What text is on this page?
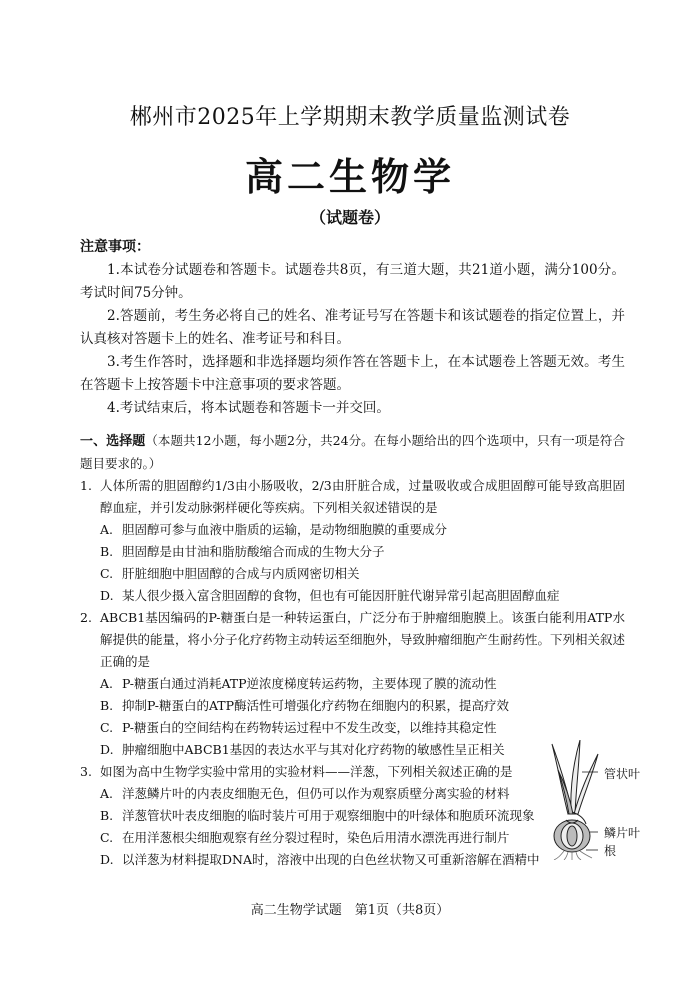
郴州市2025年上学期期末教学质量监测试卷
高二生物学
（试题卷）
注意事项：

1.本试卷分试题卷和答题卡。试题卷共8页，有三道大题，共21道小题，满分100分。考试时间75分钟。

2.答题前，考生务必将自己的姓名、准考证号写在答题卡和该试题卷的指定位置上，并认真核对答题卡上的姓名、准考证号和科目。

3.考生作答时，选择题和非选择题均须作答在答题卡上，在本试题卷上答题无效。考生在答题卡上按答题卡中注意事项的要求答题。

4.考试结束后，将本试题卷和答题卡一并交回。

一、选择题（本题共12小题，每小题2分，共24分。在每小题给出的四个选项中，只有一项是符合题目要求的。）

1. 人体所需的胆固醇约1/3由小肠吸收，2/3由肝脏合成，过量吸收或合成胆固醇可能导致高胆固醇血症，并引发动脉粥样硬化等疾病。下列相关叙述错误的是
A. 胆固醇可参与血液中脂质的运输，是动物细胞膜的重要成分
B. 胆固醇是由甘油和脂肪酸缩合而成的生物大分子
C. 肝脏细胞中胆固醇的合成与内质网密切相关
D. 某人很少摄入富含胆固醇的食物，但也有可能因肝脏代谢异常引起高胆固醇血症
2. ABCB1基因编码的P-糖蛋白是一种转运蛋白，广泛分布于肿瘤细胞膜上。该蛋白能利用ATP水解提供的能量，将小分子化疗药物主动转运至细胞外，导致肿瘤细胞产生耐药性。下列相关叙述正确的是
A. P-糖蛋白通过消耗ATP逆浓度梯度转运药物，主要体现了膜的流动性
B. 抑制P-糖蛋白的ATP酶活性可增强化疗药物在细胞内的积累，提高疗效
C. P-糖蛋白的空间结构在药物转运过程中不发生改变，以维持其稳定性
D. 肿瘤细胞中ABCB1基因的表达水平与其对化疗药物的敏感性呈正相关
3. 如图为高中生物学实验中常用的实验材料——洋葱，下列相关叙述正确的是
A. 洋葱鳞片叶的内表皮细胞无色，但仍可以作为观察质壁分离实验的材料
B. 洋葱管状叶表皮细胞的临时装片可用于观察细胞中的叶绿体和胞质环流现象
C. 在用洋葱根尖细胞观察有丝分裂过程时，染色后用清水漂洗再进行制片
D. 以洋葱为材料提取DNA时，溶液中出现的白色丝状物又可重新溶解在酒精中
管状叶
鳞片叶
根
高二生物学试题　第1页（共8页）
